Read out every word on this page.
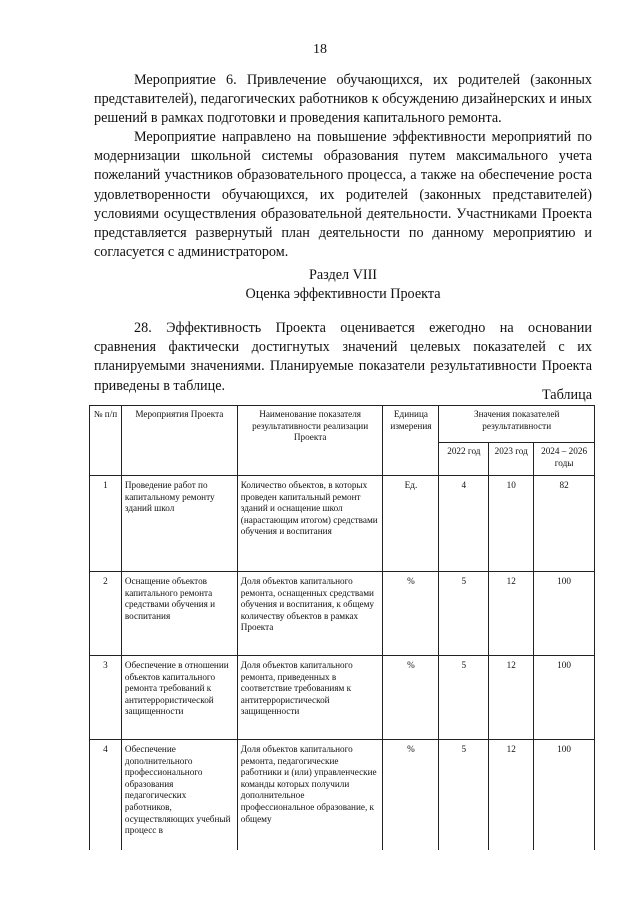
18

Мероприятие 6. Привлечение обучающихся, их родителей (законных представителей), педагогических работников к обсуждению дизайнерских и иных решений в рамках подготовки и проведения капитального ремонта.

Мероприятие направлено на повышение эффективности мероприятий по модернизации школьной системы образования путем максимального учета пожеланий участников образовательного процесса, а также на обеспечение роста удовлетворенности обучающихся, их родителей (законных представителей) условиями осуществления образовательной деятельности. Участниками Проекта представляется развернутый план деятельности по данному мероприятию и согласуется с администратором.

Раздел VIII
Оценка эффективности Проекта

28. Эффективность Проекта оценивается ежегодно на основании сравнения фактически достигнутых значений целевых показателей с их планируемыми значениями. Планируемые показатели результативности Проекта приведены в таблице.

Таблица
№ п/п	Мероприятия Проекта	Наименование показателя результативности реализации Проекта	Единица измерения	Значения показателей результативности		
				2022 год	2023 год	2024 – 2026 годы
1	Проведение работ по капитальному ремонту зданий школ	Количество объектов, в которых проведен капитальный ремонт зданий и оснащение школ (нарастающим итогом) средствами обучения и воспитания	Ед.	4	10	82
2	Оснащение объектов капитального ремонта средствами обучения и воспитания	Доля объектов капитального ремонта, оснащенных средствами обучения и воспитания, к общему количеству объектов в рамках Проекта	%	5	12	100
3	Обеспечение в отношении объектов капитального ремонта требований к антитеррористической защищенности	Доля объектов капитального ремонта, приведенных в соответствие требованиям к антитеррористической защищенности	%	5	12	100
4	Обеспечение дополнительного профессионального образования педагогических работников, осуществляющих учебный процесс в	Доля объектов капитального ремонта, педагогические работники и (или) управленческие команды которых получили дополнительное профессиональное образование, к общему	%	5	12	100
